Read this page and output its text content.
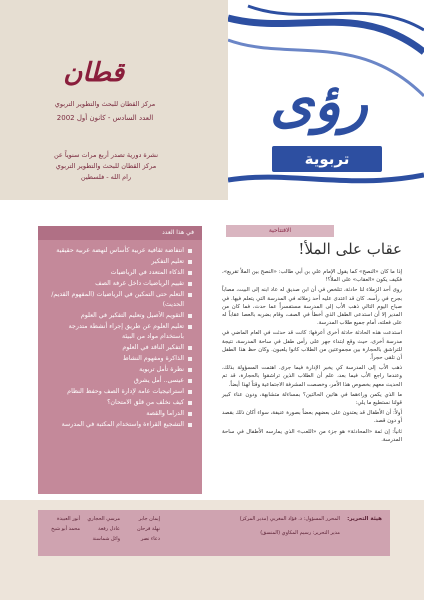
رؤى
تربوية
قطان
مركز القطان للبحث والتطوير التربوي
العدد السادس - كانون أول 2002
نشرة دورية تصدر أربع مرات سنوياً عن
مركز القطان للبحث والتطوير التربوي
رام الله - فلسطين
في هذا العدد
انتفاضة ثقافية عربية كأساس لنهضة عربية حقيقية
تعليم التفكير
الذكاء المتعدد في الرياضيات
تقييم الرياضيات داخل غرفة الصف
التعلم حتى التمكين في الرياضيات (المفهوم القديم/ الحديث)
التقويم الأصيل وتعليم التفكير في العلوم
تعليم العلوم عن طريق إجراء أنشطة متدرجة باستخدام مواد من البيئة
التفكير الناقد في العلوم
الذاكرة ومفهوم النشاط
نظرة تأمل تربوية
عيسى.. أمل يشرق
استراتيجيات عامة لإدارة الصف وحفظ النظام
كيف نخلف من قلق الامتحان؟
الدراما والقصة
التشجيع القراءة واستخدام المكتبة في المدرسة
الافتتاحية
عقاب على الملأ!

إذا ما كان «النصح» كما يقول الإمام علي بن أبي طالب: «النصح بين الملأ تقريع»، فكيف يكون «العقاب» على الملأ؟!

روى أحد الزملاء لنا حادثة، تتلخص في أن ابن صديق له عاد ابنه إلى البيت، مصاباً بجرح في رأسه. كان قد اعتدى عليه أحد زملائه في المدرسة التي يتعلم فيها. في صباح اليوم التالي ذهب الأب إلى المدرسة مستفسراً عما حدث، فما كان من المدير إلا أن استدعى الطفل الذي أخطأ في الصف، وقام بضربه بالعصا عقاباً له على فعلته، أمام جميع طلاب المدرسة.

استدعت هذه الحادثة حادثة أخرى أعرفها: كانت قد حدثت في العام الماضي في مدرسة أخرى، حيث وقع ابتداء جهر على رأس طفل في ساحة المدرسة، نتيجة للتراشق بالحجارة بين مجموعتين من الطلاب كانوا يلعبون. وكان حظ هذا الطفل أن تلقى حجراً.

ذهب الأب إلى المدرسة كي يخبر الإدارة فيما جرى. اهتمت المسؤولة بذلك، وعندما راجع الأب فيما بعد، علم أن الطلاب الذين تراشقوا بالحجارة، قد تم الحديث معهم بخصوص هذا الأمر، وخصصت المشرفة الاجتماعية وقتاً لهذا أيضاً.

ما الذي يكمن وراءهما في هاتين الحالتين؟ بمساءلة متشابهة، ودون عناء كبير قولنا نستطيع ما يلي:

أولاً: أن الأطفال قد يعتدون على بعضهم بعضاً بصورة عنيفة، سواء أكان ذلك بقصد أو دون قصد.

ثانياً: إن ثمة «المحادثة» هو جزء من «اللعب» الذي يمارسه الأطفال في ساحة المدرسة.

هيئة التحرير:
المحرر المسؤول: د. فؤاد المغربي (مدير المركز)
مدير التحرير: رسيم المكاوي (المنسق)
إيمان جابر
نهلة فرحان
دعاء نصر
مرسي الحجاري
عادل رفعة
وائل شماسنة
أنور العبيدة
محمد أبو شيخ
